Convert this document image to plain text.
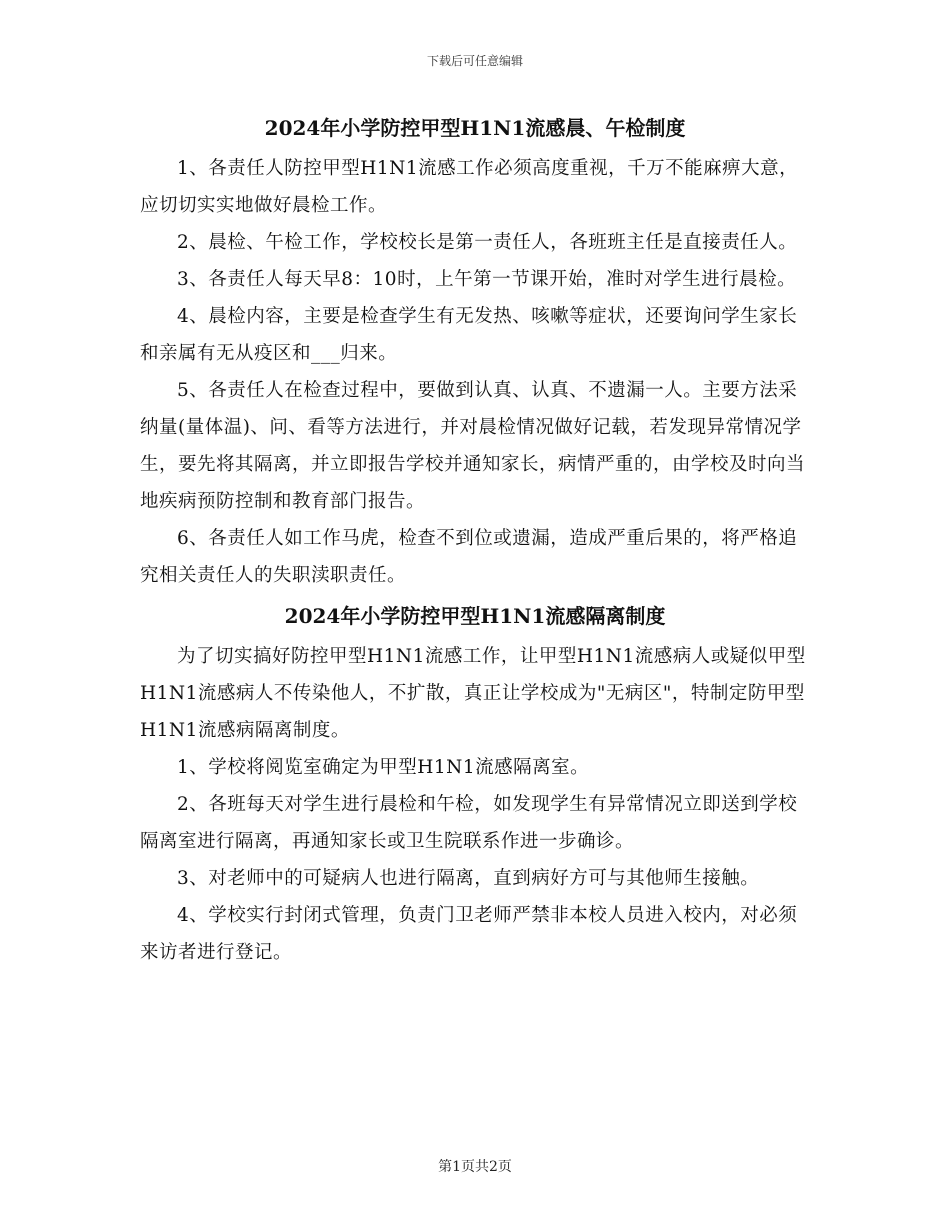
下载后可任意编辑
2024年小学防控甲型H1N1流感晨、午检制度

1、各责任人防控甲型H1N1流感工作必须高度重视，千万不能麻痹大意，应切切实实地做好晨检工作。

2、晨检、午检工作，学校校长是第一责任人，各班班主任是直接责任人。

3、各责任人每天早8：10时，上午第一节课开始，准时对学生进行晨检。

4、晨检内容，主要是检查学生有无发热、咳嗽等症状，还要询问学生家长和亲属有无从疫区和___归来。

5、各责任人在检查过程中，要做到认真、认真、不遗漏一人。主要方法采纳量(量体温)、问、看等方法进行，并对晨检情况做好记载，若发现异常情况学生，要先将其隔离，并立即报告学校并通知家长，病情严重的，由学校及时向当地疾病预防控制和教育部门报告。

6、各责任人如工作马虎，检查不到位或遗漏，造成严重后果的，将严格追究相关责任人的失职渎职责任。

2024年小学防控甲型H1N1流感隔离制度

为了切实搞好防控甲型H1N1流感工作，让甲型H1N1流感病人或疑似甲型H1N1流感病人不传染他人，不扩散，真正让学校成为"无病区"，特制定防甲型H1N1流感病隔离制度。

1、学校将阅览室确定为甲型H1N1流感隔离室。

2、各班每天对学生进行晨检和午检，如发现学生有异常情况立即送到学校隔离室进行隔离，再通知家长或卫生院联系作进一步确诊。

3、对老师中的可疑病人也进行隔离，直到病好方可与其他师生接触。

4、学校实行封闭式管理，负责门卫老师严禁非本校人员进入校内，对必须来访者进行登记。

第1页共2页
